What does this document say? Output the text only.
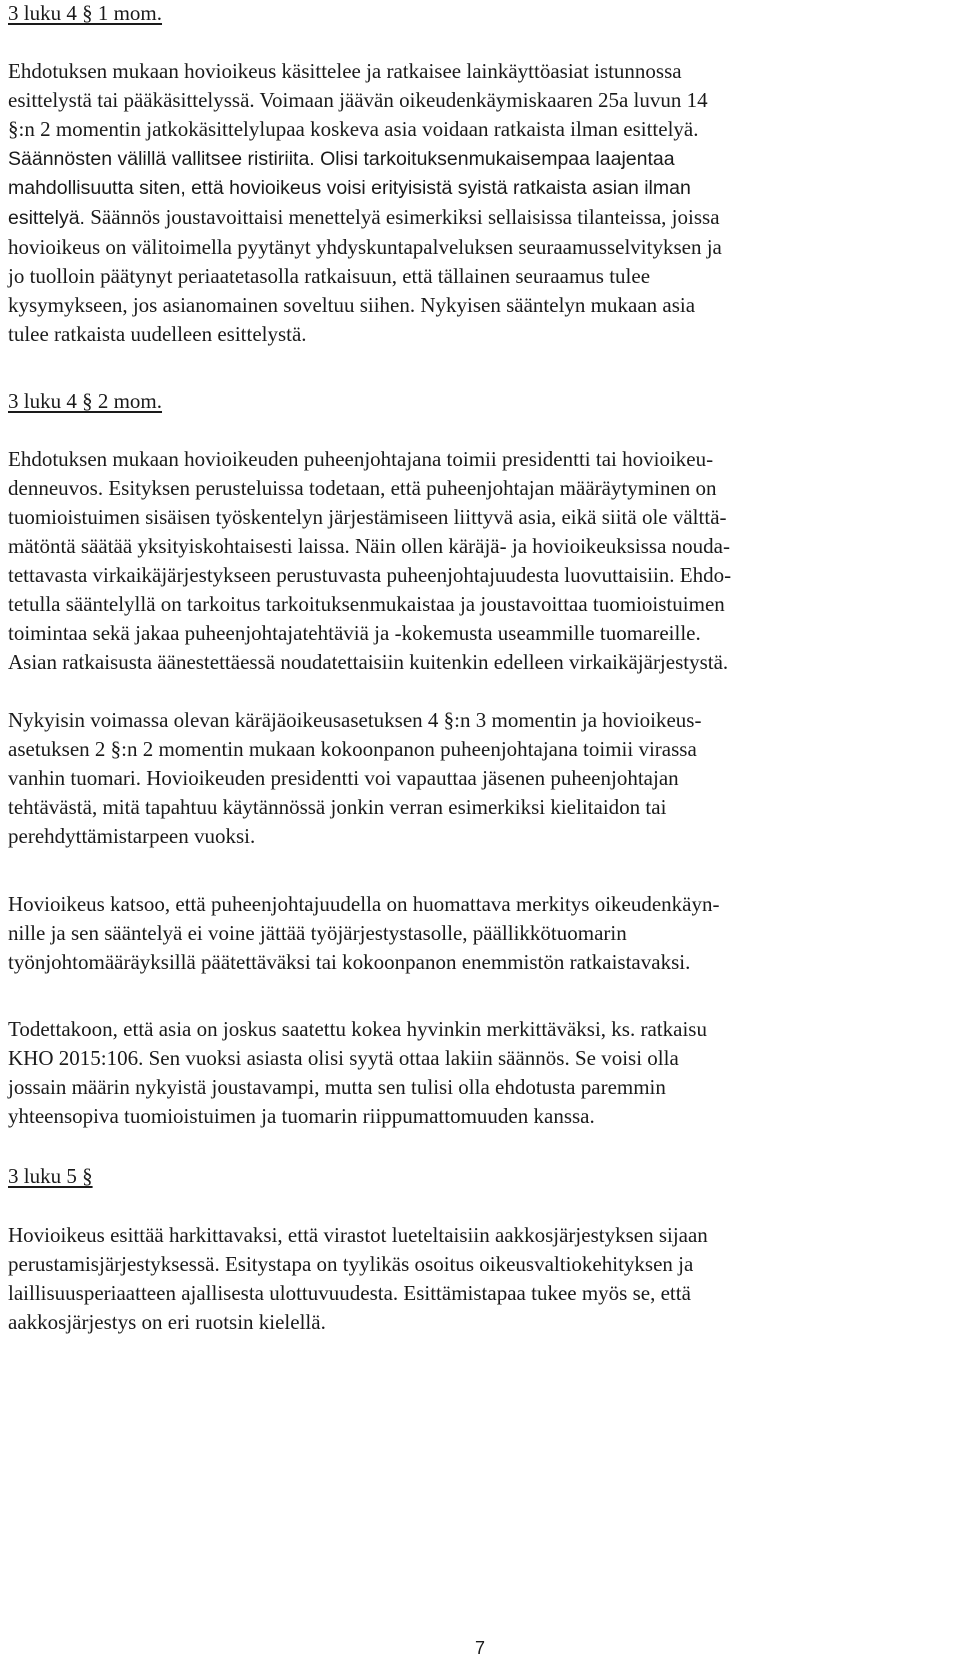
3 luku 4 § 1 mom.

Ehdotuksen mukaan hovioikeus käsittelee ja ratkaisee lainkäyttöasiat istunnossa
esittelystä tai pääkäsittelyssä. Voimaan jäävän oikeudenkäymiskaaren 25a luvun 14
§:n 2 momentin jatkokäsittelylupaa koskeva asia voidaan ratkaista ilman esittelyä.
Säännösten välillä vallitsee ristiriita. Olisi tarkoituksenmukaisempaa laajentaa
mahdollisuutta siten, että hovioikeus voisi erityisistä syistä ratkaista asian ilman
esittelyä. Säännös joustavoittaisi menettelyä esimerkiksi sellaisissa tilanteissa, joissa
hovioikeus on välitoimella pyytänyt yhdyskuntapalveluksen seuraamusselvityksen ja
jo tuolloin päätynyt periaatetasolla ratkaisuun, että tällainen seuraamus tulee
kysymykseen, jos asianomainen soveltuu siihen. Nykyisen sääntelyn mukaan asia
tulee ratkaista uudelleen esittelystä.

3 luku 4 § 2 mom.

Ehdotuksen mukaan hovioikeuden puheenjohtajana toimii presidentti tai hovioikeu-
denneuvos. Esityksen perusteluissa todetaan, että puheenjohtajan määräytyminen on
tuomioistuimen sisäisen työskentelyn järjestämiseen liittyvä asia, eikä siitä ole välttä-
mätöntä säätää yksityiskohtaisesti laissa. Näin ollen käräjä- ja hovioikeuksissa nouda-
tettavasta virkaikäjärjestykseen perustuvasta puheenjohtajuudesta luovuttaisiin. Ehdo-
tetulla sääntelyllä on tarkoitus tarkoituksenmukaistaa ja joustavoittaa tuomioistuimen
toimintaa sekä jakaa puheenjohtajatehtäviä ja -kokemusta useammille tuomareille.
Asian ratkaisusta äänestettäessä noudatettaisiin kuitenkin edelleen virkaikäjärjestystä.

Nykyisin voimassa olevan käräjäoikeusasetuksen 4 §:n 3 momentin ja hovioikeus-
asetuksen 2 §:n 2 momentin mukaan kokoonpanon puheenjohtajana toimii virassa
vanhin tuomari. Hovioikeuden presidentti voi vapauttaa jäsenen puheenjohtajan
tehtävästä, mitä tapahtuu käytännössä jonkin verran esimerkiksi kielitaidon tai
perehdyttämistarpeen vuoksi.

Hovioikeus katsoo, että puheenjohtajuudella on huomattava merkitys oikeudenkäyn-
nille ja sen sääntelyä ei voine jättää työjärjestystasolle, päällikkötuomarin
työnjohtomääräyksillä päätettäväksi tai kokoonpanon enemmistön ratkaistavaksi.

Todettakoon, että asia on joskus saatettu kokea hyvinkin merkittäväksi, ks. ratkaisu
KHO 2015:106. Sen vuoksi asiasta olisi syytä ottaa lakiin säännös. Se voisi olla
jossain määrin nykyistä joustavampi, mutta sen tulisi olla ehdotusta paremmin
yhteensopiva tuomioistuimen ja tuomarin riippumattomuuden kanssa.

3 luku 5 §

Hovioikeus esittää harkittavaksi, että virastot lueteltaisiin aakkosjärjestyksen sijaan
perustamisjärjestyksessä. Esitystapa on tyylikäs osoitus oikeusvaltiokehityksen ja
laillisuusperiaatteen ajallisesta ulottuvuudesta. Esittämistapaa tukee myös se, että
aakkosjärjestys on eri ruotsin kielellä.

7
